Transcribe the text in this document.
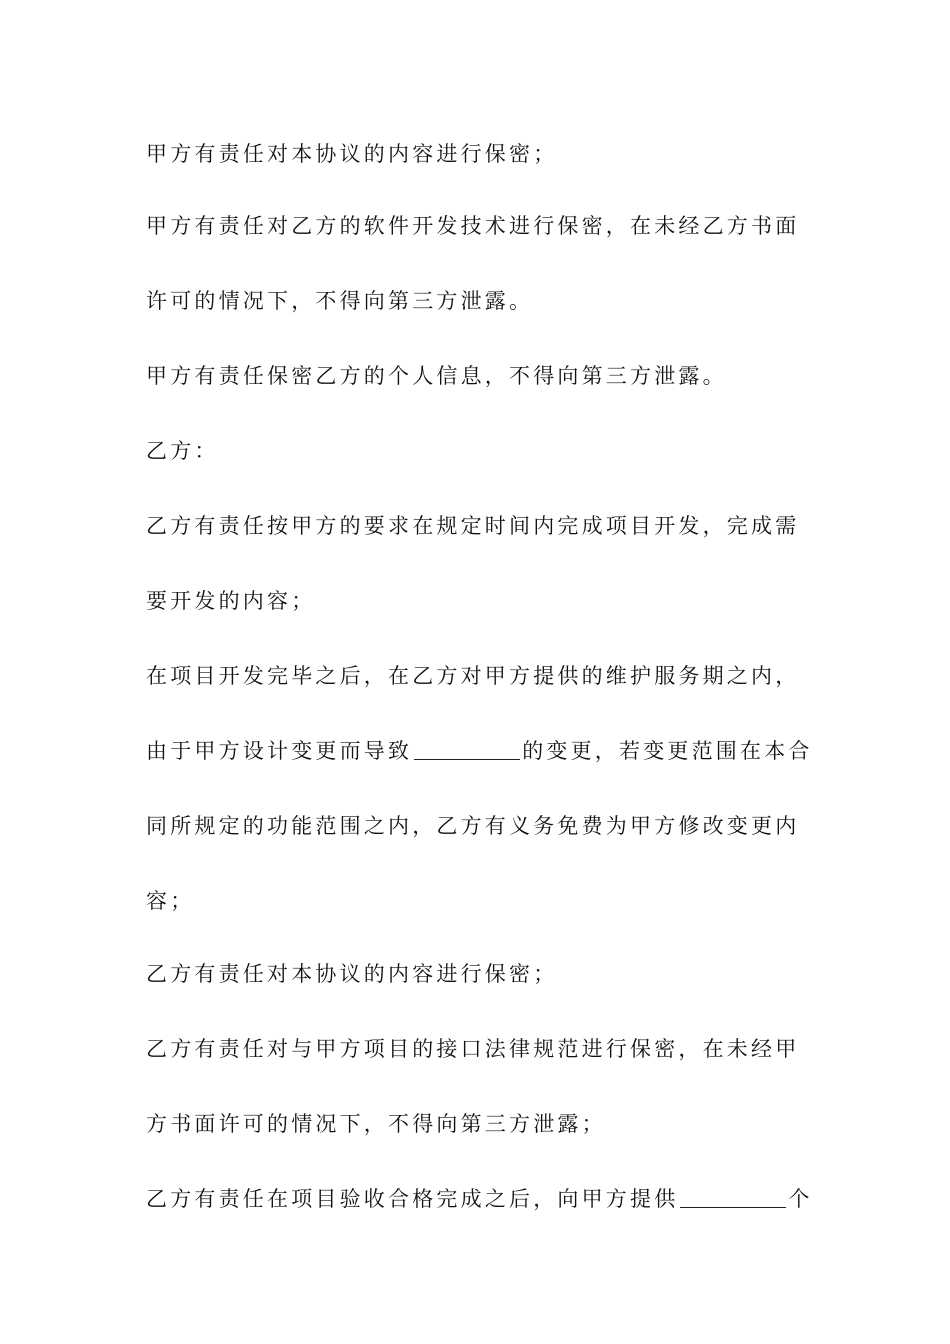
甲方有责任对本协议的内容进行保密；
甲方有责任对乙方的软件开发技术进行保密，在未经乙方书面
许可的情况下，不得向第三方泄露。
甲方有责任保密乙方的个人信息，不得向第三方泄露。
乙方：
乙方有责任按甲方的要求在规定时间内完成项目开发，完成需
要开发的内容；
在项目开发完毕之后，在乙方对甲方提供的维护服务期之内，
由于甲方设计变更而导致	的变更，若变更范围在本合
同所规定的功能范围之内，乙方有义务免费为甲方修改变更内
容；
乙方有责任对本协议的内容进行保密；
乙方有责任对与甲方项目的接口法律规范进行保密，在未经甲
方书面许可的情况下，不得向第三方泄露；
乙方有责任在项目验收合格完成之后，向甲方提供	个
